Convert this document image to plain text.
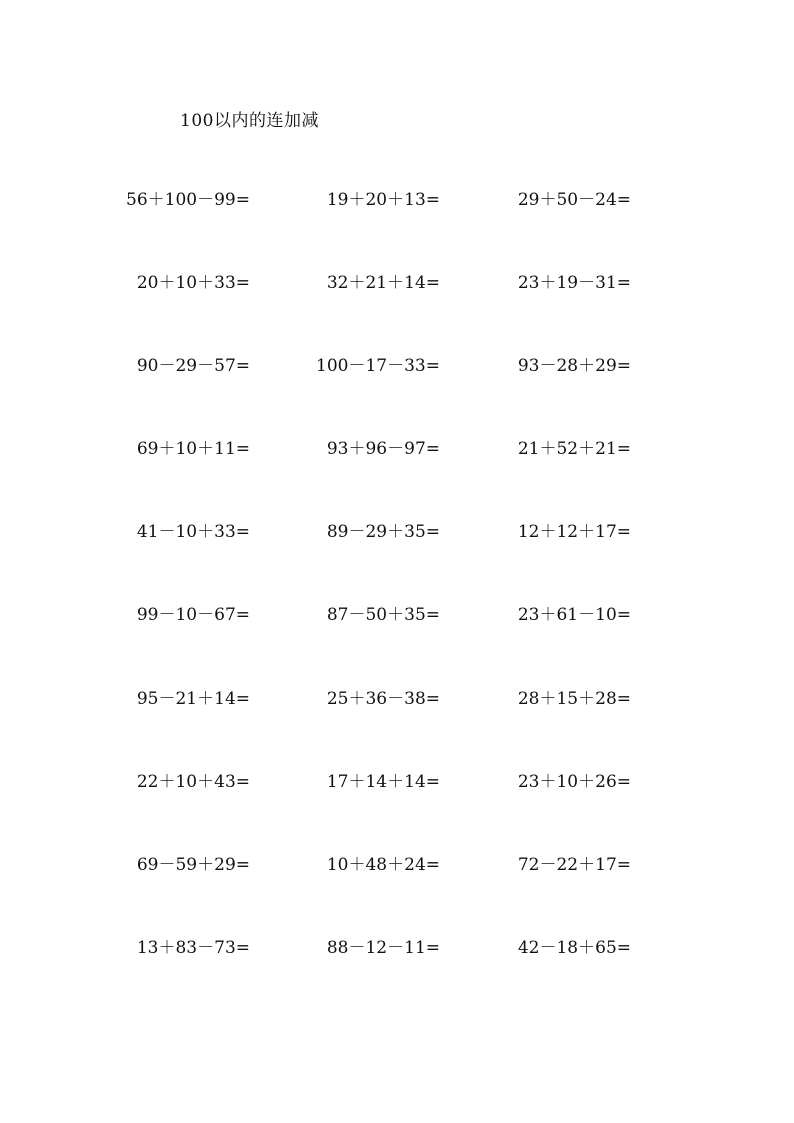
100以内的连加减
56＋100－99=	19＋20＋13=	29＋50－24=
20＋10＋33=	32＋21＋14=	23＋19－31=
90－29－57=	100－17－33=	93－28＋29=
69＋10＋11=	93＋96－97=	21＋52＋21=
41－10＋33=	89－29＋35=	12＋12＋17=
99－10－67=	87－50＋35=	23＋61－10=
95－21＋14=	25＋36－38=	28＋15＋28=
22＋10＋43=	17＋14＋14=	23＋10＋26=
69－59＋29=	10＋48＋24=	72－22＋17=
13＋83－73=	88－12－11=	42－18＋65=
